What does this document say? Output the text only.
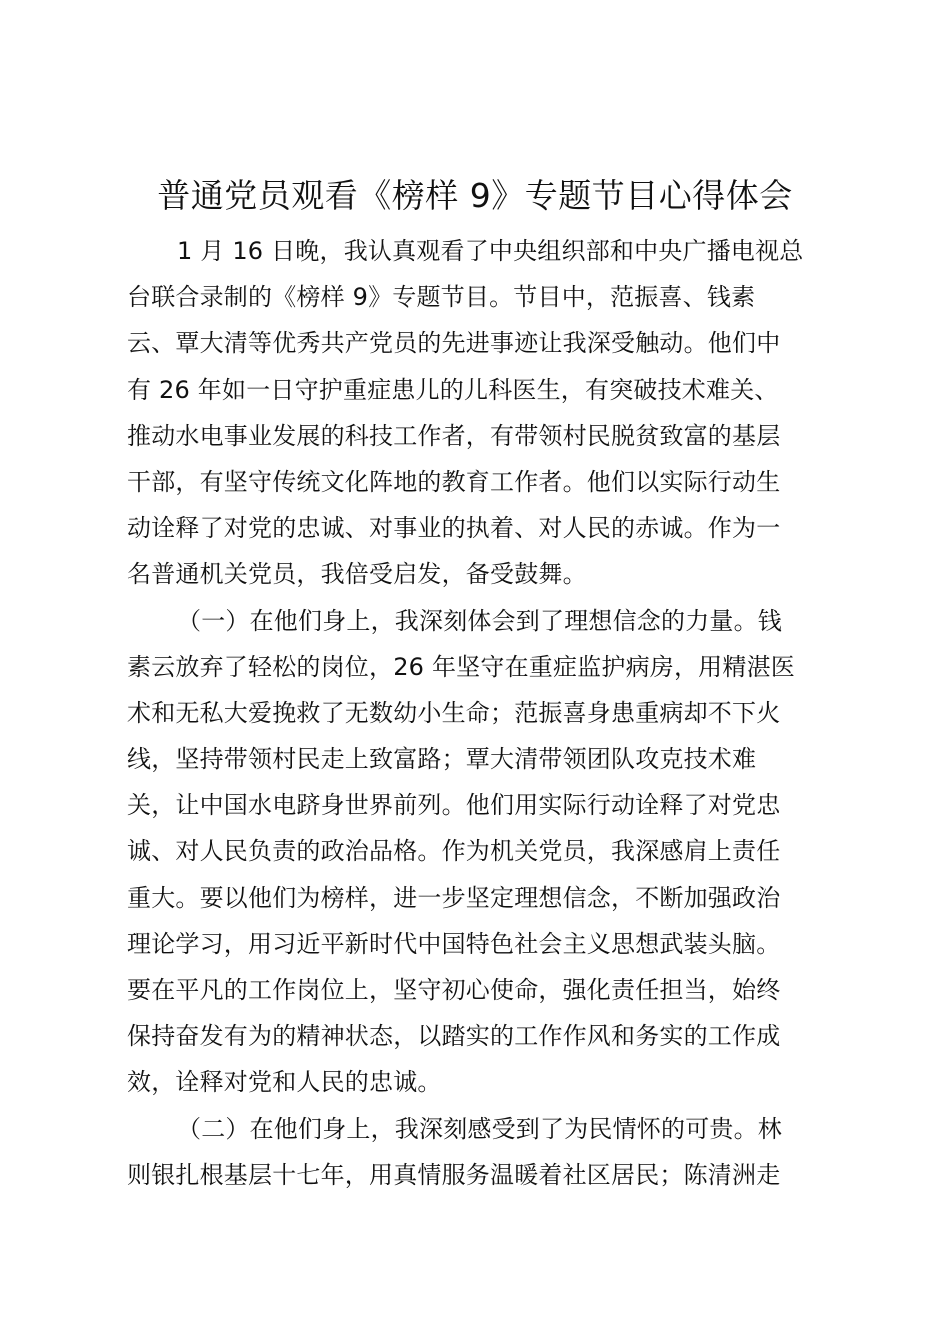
普通党员观看《榜样 9》专题节目心得体会
1 月 16 日晚，我认真观看了中央组织部和中央广播电视总
台联合录制的《榜样 9》专题节目。节目中，范振喜、钱素
云、覃大清等优秀共产党员的先进事迹让我深受触动。他们中
有 26 年如一日守护重症患儿的儿科医生，有突破技术难关、
推动水电事业发展的科技工作者，有带领村民脱贫致富的基层
干部，有坚守传统文化阵地的教育工作者。他们以实际行动生
动诠释了对党的忠诚、对事业的执着、对人民的赤诚。作为一
名普通机关党员，我倍受启发，备受鼓舞。
（一）在他们身上，我深刻体会到了理想信念的力量。钱
素云放弃了轻松的岗位，26 年坚守在重症监护病房，用精湛医
术和无私大爱挽救了无数幼小生命；范振喜身患重病却不下火
线，坚持带领村民走上致富路；覃大清带领团队攻克技术难
关，让中国水电跻身世界前列。他们用实际行动诠释了对党忠
诚、对人民负责的政治品格。作为机关党员，我深感肩上责任
重大。要以他们为榜样，进一步坚定理想信念，不断加强政治
理论学习，用习近平新时代中国特色社会主义思想武装头脑。
要在平凡的工作岗位上，坚守初心使命，强化责任担当，始终
保持奋发有为的精神状态，以踏实的工作作风和务实的工作成
效，诠释对党和人民的忠诚。
（二）在他们身上，我深刻感受到了为民情怀的可贵。林
则银扎根基层十七年，用真情服务温暖着社区居民；陈清洲走
